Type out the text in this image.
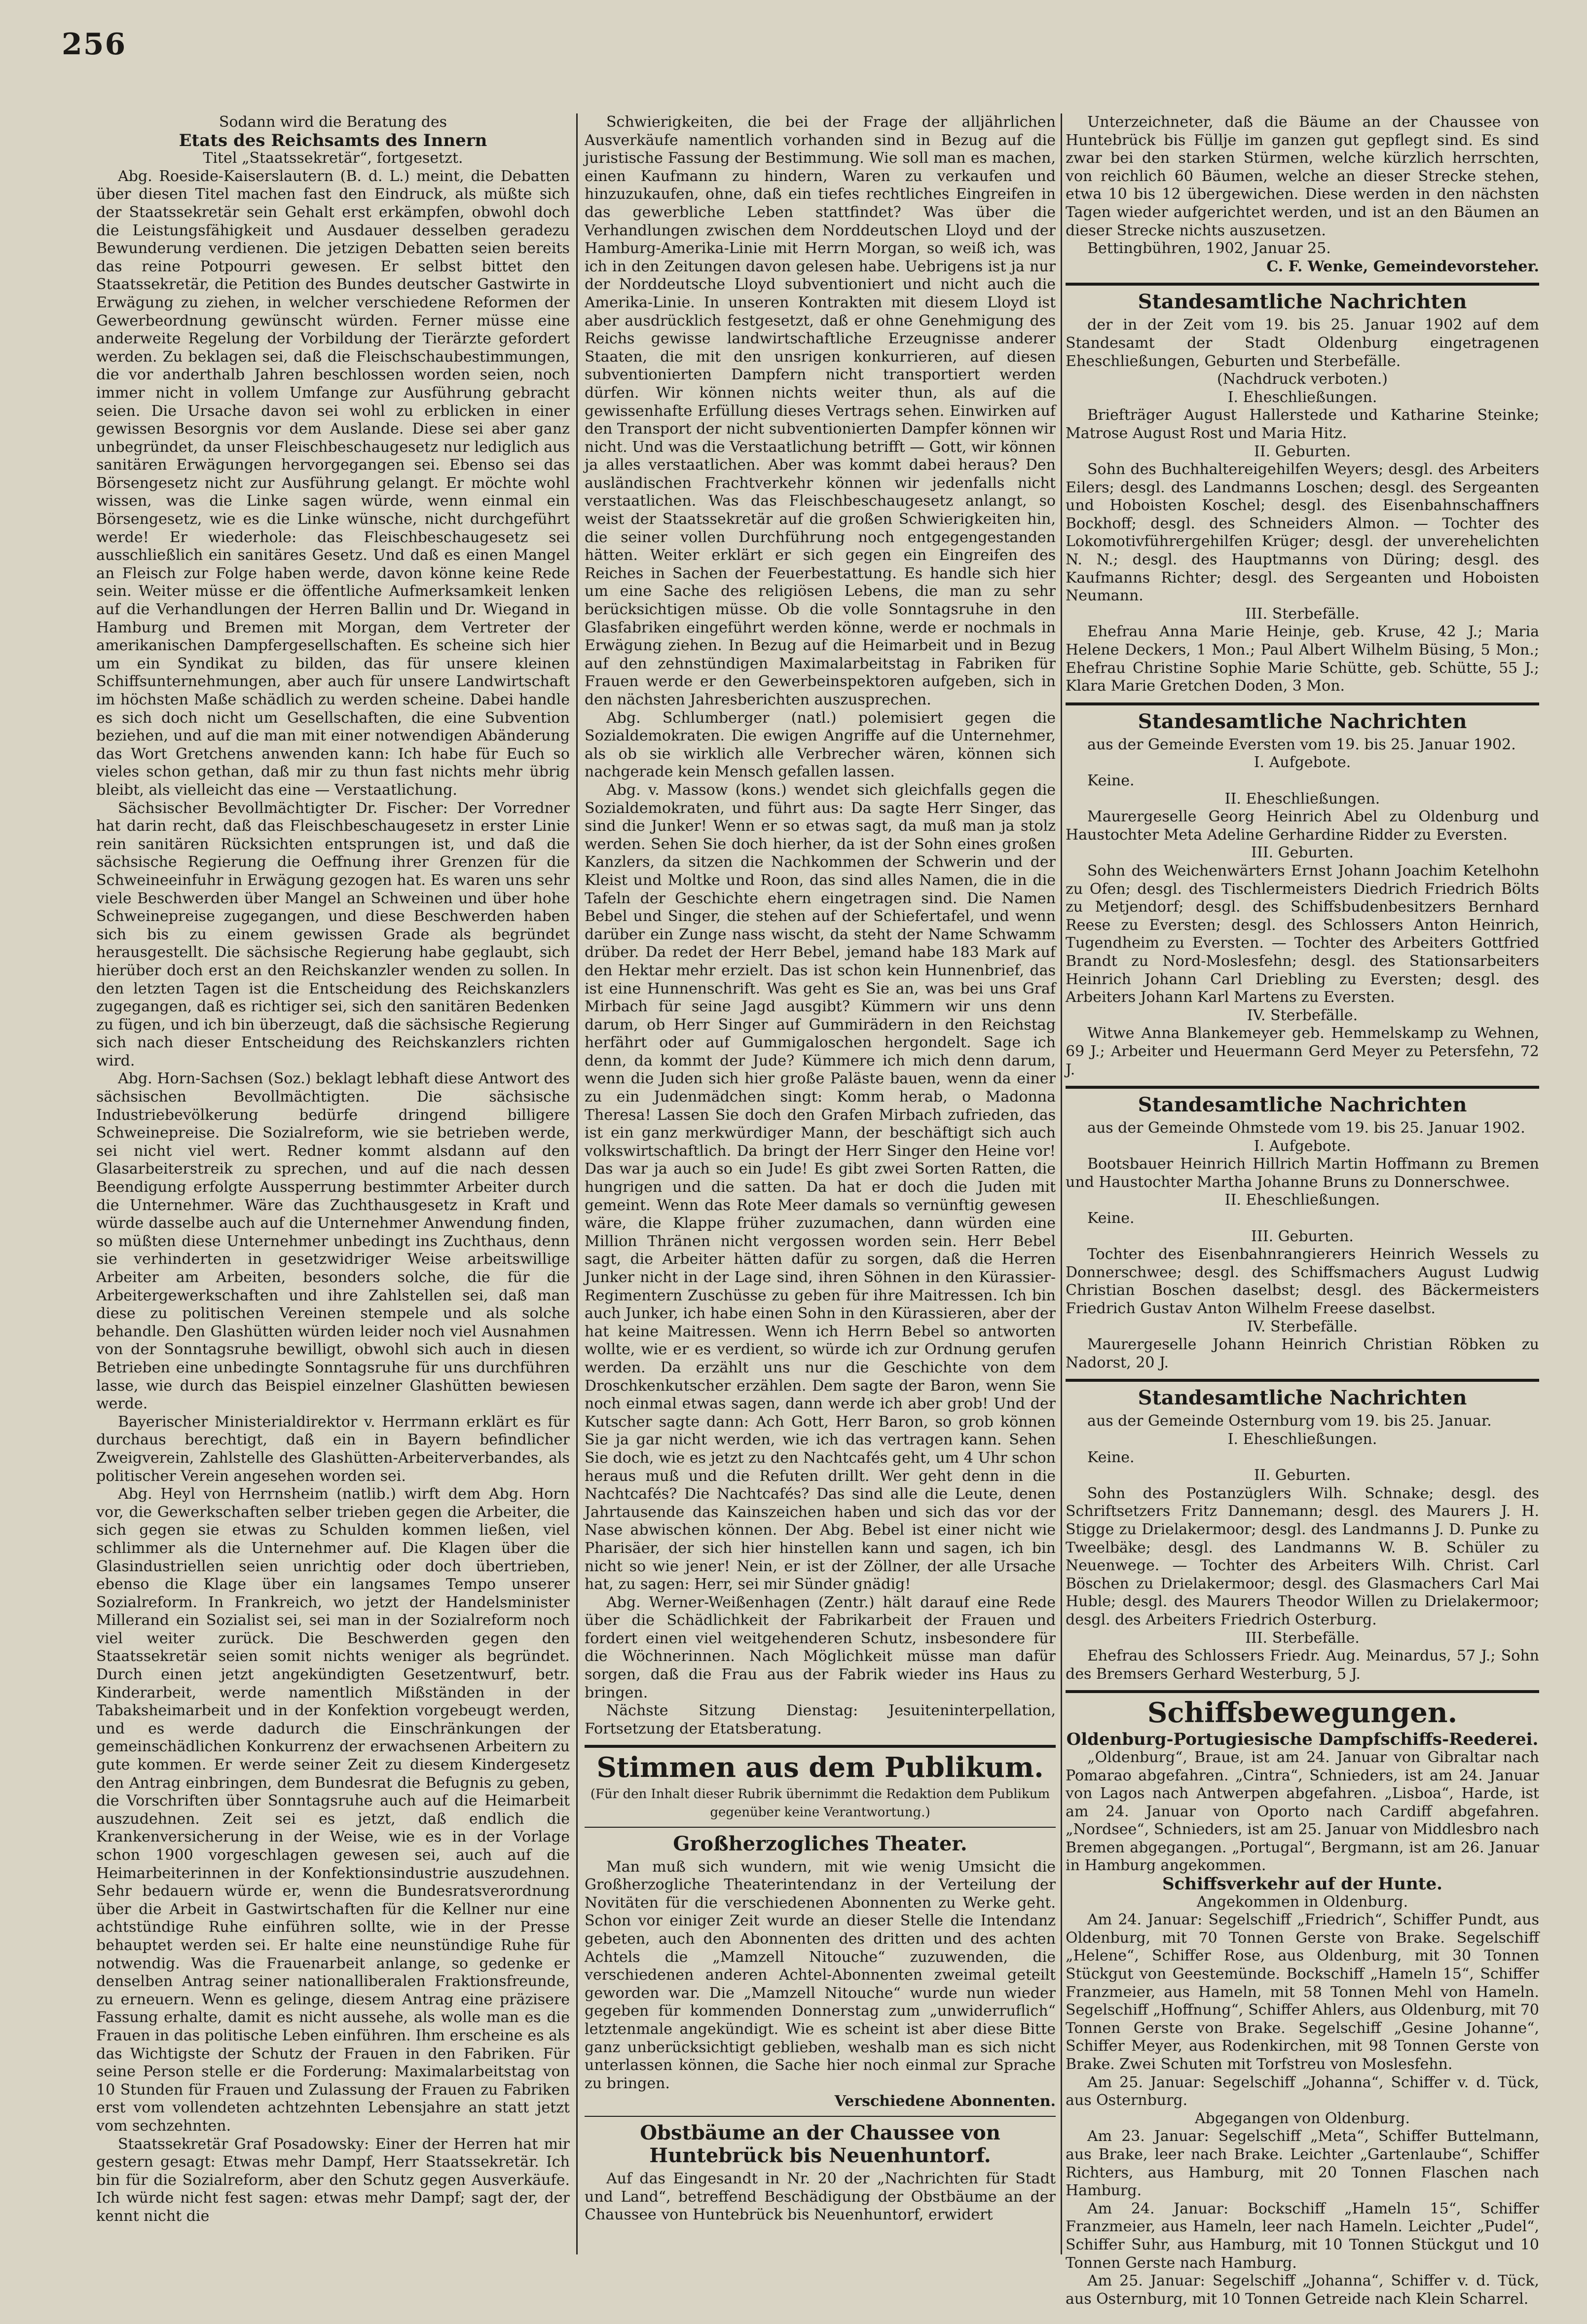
256

Sodann wird die Beratung des

Etats des Reichsamts des Innern

Titel „Staatssekretär“, fortgesetzt.

Abg. Roeside-Kaiserslautern (B. d. L.) meint, die Debatten über diesen Titel machen fast den Eindruck, als müßte sich der Staatssekretär sein Gehalt erst erkämpfen, obwohl doch die Leistungsfähigkeit und Ausdauer desselben geradezu Bewunderung verdienen. Die jetzigen Debatten seien bereits das reine Potpourri gewesen. Er selbst bittet den Staatssekretär, die Petition des Bundes deutscher Gastwirte in Erwägung zu ziehen, in welcher verschiedene Reformen der Gewerbeordnung gewünscht würden. Ferner müsse eine anderweite Regelung der Vorbildung der Tierärzte gefordert werden. Zu beklagen sei, daß die Fleischschaubestimmungen, die vor anderthalb Jahren beschlossen worden seien, noch immer nicht in vollem Umfange zur Ausführung gebracht seien. Die Ursache davon sei wohl zu erblicken in einer gewissen Besorgnis vor dem Auslande. Diese sei aber ganz unbegründet, da unser Fleischbeschaugesetz nur lediglich aus sanitären Erwägungen hervorgegangen sei. Ebenso sei das Börsengesetz nicht zur Ausführung gelangt. Er möchte wohl wissen, was die Linke sagen würde, wenn einmal ein Börsengesetz, wie es die Linke wünsche, nicht durchgeführt werde! Er wiederhole: das Fleischbeschaugesetz sei ausschließlich ein sanitäres Gesetz. Und daß es einen Mangel an Fleisch zur Folge haben werde, davon könne keine Rede sein. Weiter müsse er die öffentliche Aufmerksamkeit lenken auf die Verhandlungen der Herren Ballin und Dr. Wiegand in Hamburg und Bremen mit Morgan, dem Vertreter der amerikanischen Dampfergesellschaften. Es scheine sich hier um ein Syndikat zu bilden, das für unsere kleinen Schiffsunternehmungen, aber auch für unsere Landwirtschaft im höchsten Maße schädlich zu werden scheine. Dabei handle es sich doch nicht um Gesellschaften, die eine Subvention beziehen, und auf die man mit einer notwendigen Abänderung das Wort Gretchens anwenden kann: Ich habe für Euch so vieles schon gethan, daß mir zu thun fast nichts mehr übrig bleibt, als vielleicht das eine — Verstaatlichung.

Sächsischer Bevollmächtigter Dr. Fischer: Der Vorredner hat darin recht, daß das Fleischbeschaugesetz in erster Linie rein sanitären Rücksichten entsprungen ist, und daß die sächsische Regierung die Oeffnung ihrer Grenzen für die Schweineeinfuhr in Erwägung gezogen hat. Es waren uns sehr viele Beschwerden über Mangel an Schweinen und über hohe Schweinepreise zugegangen, und diese Beschwerden haben sich bis zu einem gewissen Grade als begründet herausgestellt. Die sächsische Regierung habe geglaubt, sich hierüber doch erst an den Reichskanzler wenden zu sollen. In den letzten Tagen ist die Entscheidung des Reichskanzlers zugegangen, daß es richtiger sei, sich den sanitären Bedenken zu fügen, und ich bin überzeugt, daß die sächsische Regierung sich nach dieser Entscheidung des Reichskanzlers richten wird.

Abg. Horn-Sachsen (Soz.) beklagt lebhaft diese Antwort des sächsischen Bevollmächtigten. Die sächsische Industriebevölkerung bedürfe dringend billigere Schweinepreise. Die Sozialreform, wie sie betrieben werde, sei nicht viel wert. Redner kommt alsdann auf den Glasarbeiterstreik zu sprechen, und auf die nach dessen Beendigung erfolgte Aussperrung bestimmter Arbeiter durch die Unternehmer. Wäre das Zuchthausgesetz in Kraft und würde dasselbe auch auf die Unternehmer Anwendung finden, so müßten diese Unternehmer unbedingt ins Zuchthaus, denn sie verhinderten in gesetzwidriger Weise arbeitswillige Arbeiter am Arbeiten, besonders solche, die für die Arbeitergewerkschaften und ihre Zahlstellen sei, daß man diese zu politischen Vereinen stempele und als solche behandle. Den Glashütten würden leider noch viel Ausnahmen von der Sonntagsruhe bewilligt, obwohl sich auch in diesen Betrieben eine unbedingte Sonntagsruhe für uns durchführen lasse, wie durch das Beispiel einzelner Glashütten bewiesen werde.

Bayerischer Ministerialdirektor v. Herrmann erklärt es für durchaus berechtigt, daß ein in Bayern befindlicher Zweigverein, Zahlstelle des Glashütten-Arbeiterverbandes, als politischer Verein angesehen worden sei.

Abg. Heyl von Herrnsheim (natlib.) wirft dem Abg. Horn vor, die Gewerkschaften selber trieben gegen die Arbeiter, die sich gegen sie etwas zu Schulden kommen ließen, viel schlimmer als die Unternehmer auf. Die Klagen über die Glasindustriellen seien unrichtig oder doch übertrieben, ebenso die Klage über ein langsames Tempo unserer Sozialreform. In Frankreich, wo jetzt der Handelsminister Millerand ein Sozialist sei, sei man in der Sozialreform noch viel weiter zurück. Die Beschwerden gegen den Staatssekretär seien somit nichts weniger als begründet. Durch einen jetzt angekündigten Gesetzentwurf, betr. Kinderarbeit, werde namentlich Mißständen in der Tabaksheimarbeit und in der Konfektion vorgebeugt werden, und es werde dadurch die Einschränkungen der gemeinschädlichen Konkurrenz der erwachsenen Arbeitern zu gute kommen. Er werde seiner Zeit zu diesem Kindergesetz den Antrag einbringen, dem Bundesrat die Befugnis zu geben, die Vorschriften über Sonntagsruhe auch auf die Heimarbeit auszudehnen. Zeit sei es jetzt, daß endlich die Krankenversicherung in der Weise, wie es in der Vorlage schon 1900 vorgeschlagen gewesen sei, auch auf die Heimarbeiterinnen in der Konfektionsindustrie auszudehnen. Sehr bedauern würde er, wenn die Bundesratsverordnung über die Arbeit in Gastwirtschaften für die Kellner nur eine achtstündige Ruhe einführen sollte, wie in der Presse behauptet werden sei. Er halte eine neunstündige Ruhe für notwendig. Was die Frauenarbeit anlange, so gedenke er denselben Antrag seiner nationalliberalen Fraktionsfreunde, zu erneuern. Wenn es gelinge, diesem Antrag eine präzisere Fassung erhalte, damit es nicht aussehe, als wolle man es die Frauen in das politische Leben einführen. Ihm erscheine es als das Wichtigste der Schutz der Frauen in den Fabriken. Für seine Person stelle er die Forderung: Maximalarbeitstag von 10 Stunden für Frauen und Zulassung der Frauen zu Fabriken erst vom vollendeten achtzehnten Lebensjahre an statt jetzt vom sechzehnten.

Staatssekretär Graf Posadowsky: Einer der Herren hat mir gestern gesagt: Etwas mehr Dampf, Herr Staatssekretär. Ich bin für die Sozialreform, aber den Schutz gegen Ausverkäufe. Ich würde nicht fest sagen: etwas mehr Dampf; sagt der, der kennt nicht die

Schwierigkeiten, die bei der Frage der alljährlichen Ausverkäufe namentlich vorhanden sind in Bezug auf die juristische Fassung der Bestimmung. Wie soll man es machen, einen Kaufmann zu hindern, Waren zu verkaufen und hinzuzukaufen, ohne, daß ein tiefes rechtliches Eingreifen in das gewerbliche Leben stattfindet? Was über die Verhandlungen zwischen dem Norddeutschen Lloyd und der Hamburg-Amerika-Linie mit Herrn Morgan, so weiß ich, was ich in den Zeitungen davon gelesen habe. Uebrigens ist ja nur der Norddeutsche Lloyd subventioniert und nicht auch die Amerika-Linie. In unseren Kontrakten mit diesem Lloyd ist aber ausdrücklich festgesetzt, daß er ohne Genehmigung des Reichs gewisse landwirtschaftliche Erzeugnisse anderer Staaten, die mit den unsrigen konkurrieren, auf diesen subventionierten Dampfern nicht transportiert werden dürfen. Wir können nichts weiter thun, als auf die gewissenhafte Erfüllung dieses Vertrags sehen. Einwirken auf den Transport der nicht subventionierten Dampfer können wir nicht. Und was die Verstaatlichung betrifft — Gott, wir können ja alles verstaatlichen. Aber was kommt dabei heraus? Den ausländischen Frachtverkehr können wir jedenfalls nicht verstaatlichen. Was das Fleischbeschaugesetz anlangt, so weist der Staatssekretär auf die großen Schwierigkeiten hin, die seiner vollen Durchführung noch entgegengestanden hätten. Weiter erklärt er sich gegen ein Eingreifen des Reiches in Sachen der Feuerbestattung. Es handle sich hier um eine Sache des religiösen Lebens, die man zu sehr berücksichtigen müsse. Ob die volle Sonntagsruhe in den Glasfabriken eingeführt werden könne, werde er nochmals in Erwägung ziehen. In Bezug auf die Heimarbeit und in Bezug auf den zehnstündigen Maximalarbeitstag in Fabriken für Frauen werde er den Gewerbeinspektoren aufgeben, sich in den nächsten Jahresberichten auszusprechen.

Abg. Schlumberger (natl.) polemisiert gegen die Sozialdemokraten. Die ewigen Angriffe auf die Unternehmer, als ob sie wirklich alle Verbrecher wären, können sich nachgerade kein Mensch gefallen lassen.

Abg. v. Massow (kons.) wendet sich gleichfalls gegen die Sozialdemokraten, und führt aus: Da sagte Herr Singer, das sind die Junker! Wenn er so etwas sagt, da muß man ja stolz werden. Sehen Sie doch hierher, da ist der Sohn eines großen Kanzlers, da sitzen die Nachkommen der Schwerin und der Kleist und Moltke und Roon, das sind alles Namen, die in die Tafeln der Geschichte ehern eingetragen sind. Die Namen Bebel und Singer, die stehen auf der Schiefertafel, und wenn darüber ein Zunge nass wischt, da steht der Name Schwamm drüber. Da redet der Herr Bebel, jemand habe 183 Mark auf den Hektar mehr erzielt. Das ist schon kein Hunnenbrief, das ist eine Hunnenschrift. Was geht es Sie an, was bei uns Graf Mirbach für seine Jagd ausgibt? Kümmern wir uns denn darum, ob Herr Singer auf Gummirädern in den Reichstag herfährt oder auf Gummigaloschen hergondelt. Sage ich denn, da kommt der Jude? Kümmere ich mich denn darum, wenn die Juden sich hier große Paläste bauen, wenn da einer zu ein Judenmädchen singt: Komm herab, o Madonna Theresa! Lassen Sie doch den Grafen Mirbach zufrieden, das ist ein ganz merkwürdiger Mann, der beschäftigt sich auch volkswirtschaftlich. Da bringt der Herr Singer den Heine vor! Das war ja auch so ein Jude! Es gibt zwei Sorten Ratten, die hungrigen und die satten. Da hat er doch die Juden mit gemeint. Wenn das Rote Meer damals so vernünftig gewesen wäre, die Klappe früher zuzumachen, dann würden eine Million Thränen nicht vergossen worden sein. Herr Bebel sagt, die Arbeiter hätten dafür zu sorgen, daß die Herren Junker nicht in der Lage sind, ihren Söhnen in den Kürassier-Regimentern Zuschüsse zu geben für ihre Maitressen. Ich bin auch Junker, ich habe einen Sohn in den Kürassieren, aber der hat keine Maitressen. Wenn ich Herrn Bebel so antworten wollte, wie er es verdient, so würde ich zur Ordnung gerufen werden. Da erzählt uns nur die Geschichte von dem Droschkenkutscher erzählen. Dem sagte der Baron, wenn Sie noch einmal etwas sagen, dann werde ich aber grob! Und der Kutscher sagte dann: Ach Gott, Herr Baron, so grob können Sie ja gar nicht werden, wie ich das vertragen kann. Sehen Sie doch, wie es jetzt zu den Nachtcafés geht, um 4 Uhr schon heraus muß und die Refuten drillt. Wer geht denn in die Nachtcafés? Die Nachtcafés? Das sind alle die Leute, denen Jahrtausende das Kainszeichen haben und sich das vor der Nase abwischen können. Der Abg. Bebel ist einer nicht wie Pharisäer, der sich hier hinstellen kann und sagen, ich bin nicht so wie jener! Nein, er ist der Zöllner, der alle Ursache hat, zu sagen: Herr, sei mir Sünder gnädig!

Abg. Werner-Weißenhagen (Zentr.) hält darauf eine Rede über die Schädlichkeit der Fabrikarbeit der Frauen und fordert einen viel weitgehenderen Schutz, insbesondere für die Wöchnerinnen. Nach Möglichkeit müsse man dafür sorgen, daß die Frau aus der Fabrik wieder ins Haus zu bringen.

Nächste Sitzung Dienstag: Jesuiteninterpellation, Fortsetzung der Etatsberatung.

Stimmen aus dem Publikum.

(Für den Inhalt dieser Rubrik übernimmt die Redaktion dem Publikum gegenüber keine Verantwortung.)

Großherzogliches Theater.

Man muß sich wundern, mit wie wenig Umsicht die Großherzogliche Theaterintendanz in der Verteilung der Novitäten für die verschiedenen Abonnenten zu Werke geht. Schon vor einiger Zeit wurde an dieser Stelle die Intendanz gebeten, auch den Abonnenten des dritten und des achten Achtels die „Mamzell Nitouche“ zuzuwenden, die verschiedenen anderen Achtel-Abonnenten zweimal geteilt geworden war. Die „Mamzell Nitouche“ wurde nun wieder gegeben für kommenden Donnerstag zum „unwiderruflich“ letztenmale angekündigt. Wie es scheint ist aber diese Bitte ganz unberücksichtigt geblieben, weshalb man es sich nicht unterlassen können, die Sache hier noch einmal zur Sprache zu bringen.

Verschiedene Abonnenten.

Obstbäume an der Chaussee von Huntebrück bis Neuenhuntorf.

Auf das Eingesandt in Nr. 20 der „Nachrichten für Stadt und Land“, betreffend Beschädigung der Obstbäume an der Chaussee von Huntebrück bis Neuenhuntorf, erwidert

Unterzeichneter, daß die Bäume an der Chaussee von Huntebrück bis Füllje im ganzen gut gepflegt sind. Es sind zwar bei den starken Stürmen, welche kürzlich herrschten, von reichlich 60 Bäumen, welche an dieser Strecke stehen, etwa 10 bis 12 übergewichen. Diese werden in den nächsten Tagen wieder aufgerichtet werden, und ist an den Bäumen an dieser Strecke nichts auszusetzen.

Bettingbühren, 1902, Januar 25.

C. F. Wenke, Gemeindevorsteher.

Standesamtliche Nachrichten

der in der Zeit vom 19. bis 25. Januar 1902 auf dem Standesamt der Stadt Oldenburg eingetragenen Eheschließungen, Geburten und Sterbefälle.

(Nachdruck verboten.)

I. Eheschließungen.

Briefträger August Hallerstede und Katharine Steinke; Matrose August Rost und Maria Hitz.

II. Geburten.

Sohn des Buchhaltereigehilfen Weyers; desgl. des Arbeiters Eilers; desgl. des Landmanns Loschen; desgl. des Sergeanten und Hoboisten Koschel; desgl. des Eisenbahnschaffners Bockhoff; desgl. des Schneiders Almon. — Tochter des Lokomotivführergehilfen Krüger; desgl. der unverehelichten N. N.; desgl. des Hauptmanns von Düring; desgl. des Kaufmanns Richter; desgl. des Sergeanten und Hoboisten Neumann.

III. Sterbefälle.

Ehefrau Anna Marie Heinje, geb. Kruse, 42 J.; Maria Helene Deckers, 1 Mon.; Paul Albert Wilhelm Büsing, 5 Mon.; Ehefrau Christine Sophie Marie Schütte, geb. Schütte, 55 J.; Klara Marie Gretchen Doden, 3 Mon.

Standesamtliche Nachrichten

aus der Gemeinde Eversten vom 19. bis 25. Januar 1902.

I. Aufgebote.

Keine.

II. Eheschließungen.

Maurergeselle Georg Heinrich Abel zu Oldenburg und Haustochter Meta Adeline Gerhardine Ridder zu Eversten.

III. Geburten.

Sohn des Weichenwärters Ernst Johann Joachim Ketelhohn zu Ofen; desgl. des Tischlermeisters Diedrich Friedrich Bölts zu Metjendorf; desgl. des Schiffsbudenbesitzers Bernhard Reese zu Eversten; desgl. des Schlossers Anton Heinrich, Tugendheim zu Eversten. — Tochter des Arbeiters Gottfried Brandt zu Nord-Moslesfehn; desgl. des Stationsarbeiters Heinrich Johann Carl Driebling zu Eversten; desgl. des Arbeiters Johann Karl Martens zu Eversten.

IV. Sterbefälle.

Witwe Anna Blankemeyer geb. Hemmelskamp zu Wehnen, 69 J.; Arbeiter und Heuermann Gerd Meyer zu Petersfehn, 72 J.

Standesamtliche Nachrichten

aus der Gemeinde Ohmstede vom 19. bis 25. Januar 1902.

I. Aufgebote.

Bootsbauer Heinrich Hillrich Martin Hoffmann zu Bremen und Haustochter Martha Johanne Bruns zu Donnerschwee.

II. Eheschließungen.

Keine.

III. Geburten.

Tochter des Eisenbahnrangierers Heinrich Wessels zu Donnerschwee; desgl. des Schiffsmachers August Ludwig Christian Boschen daselbst; desgl. des Bäckermeisters Friedrich Gustav Anton Wilhelm Freese daselbst.

IV. Sterbefälle.

Maurergeselle Johann Heinrich Christian Röbken zu Nadorst, 20 J.

Standesamtliche Nachrichten

aus der Gemeinde Osternburg vom 19. bis 25. Januar.

I. Eheschließungen.

Keine.

II. Geburten.

Sohn des Postanzüglers Wilh. Schnake; desgl. des Schriftsetzers Fritz Dannemann; desgl. des Maurers J. H. Stigge zu Drielakermoor; desgl. des Landmanns J. D. Punke zu Tweelbäke; desgl. des Landmanns W. B. Schüler zu Neuenwege. — Tochter des Arbeiters Wilh. Christ. Carl Böschen zu Drielakermoor; desgl. des Glasmachers Carl Mai Huble; desgl. des Maurers Theodor Willen zu Drielakermoor; desgl. des Arbeiters Friedrich Osterburg.

III. Sterbefälle.

Ehefrau des Schlossers Friedr. Aug. Meinardus, 57 J.; Sohn des Bremsers Gerhard Westerburg, 5 J.

Schiffsbewegungen.

Oldenburg-Portugiesische Dampfschiffs-Reederei.

„Oldenburg“, Braue, ist am 24. Januar von Gibraltar nach Pomarao abgefahren. „Cintra“, Schnieders, ist am 24. Januar von Lagos nach Antwerpen abgefahren. „Lisboa“, Harde, ist am 24. Januar von Oporto nach Cardiff abgefahren. „Nordsee“, Schnieders, ist am 25. Januar von Middlesbro nach Bremen abgegangen. „Portugal“, Bergmann, ist am 26. Januar in Hamburg angekommen.

Schiffsverkehr auf der Hunte.

Angekommen in Oldenburg.

Am 24. Januar: Segelschiff „Friedrich“, Schiffer Pundt, aus Oldenburg, mit 70 Tonnen Gerste von Brake. Segelschiff „Helene“, Schiffer Rose, aus Oldenburg, mit 30 Tonnen Stückgut von Geestemünde. Bockschiff „Hameln 15“, Schiffer Franzmeier, aus Hameln, mit 58 Tonnen Mehl von Hameln. Segelschiff „Hoffnung“, Schiffer Ahlers, aus Oldenburg, mit 70 Tonnen Gerste von Brake. Segelschiff „Gesine Johanne“, Schiffer Meyer, aus Rodenkirchen, mit 98 Tonnen Gerste von Brake. Zwei Schuten mit Torfstreu von Moslesfehn.

Am 25. Januar: Segelschiff „Johanna“, Schiffer v. d. Tück, aus Osternburg.

Abgegangen von Oldenburg.

Am 23. Januar: Segelschiff „Meta“, Schiffer Buttelmann, aus Brake, leer nach Brake. Leichter „Gartenlaube“, Schiffer Richters, aus Hamburg, mit 20 Tonnen Flaschen nach Hamburg.

Am 24. Januar: Bockschiff „Hameln 15“, Schiffer Franzmeier, aus Hameln, leer nach Hameln. Leichter „Pudel“, Schiffer Suhr, aus Hamburg, mit 10 Tonnen Stückgut und 10 Tonnen Gerste nach Hamburg.

Am 25. Januar: Segelschiff „Johanna“, Schiffer v. d. Tück, aus Osternburg, mit 10 Tonnen Getreide nach Klein Scharrel.
